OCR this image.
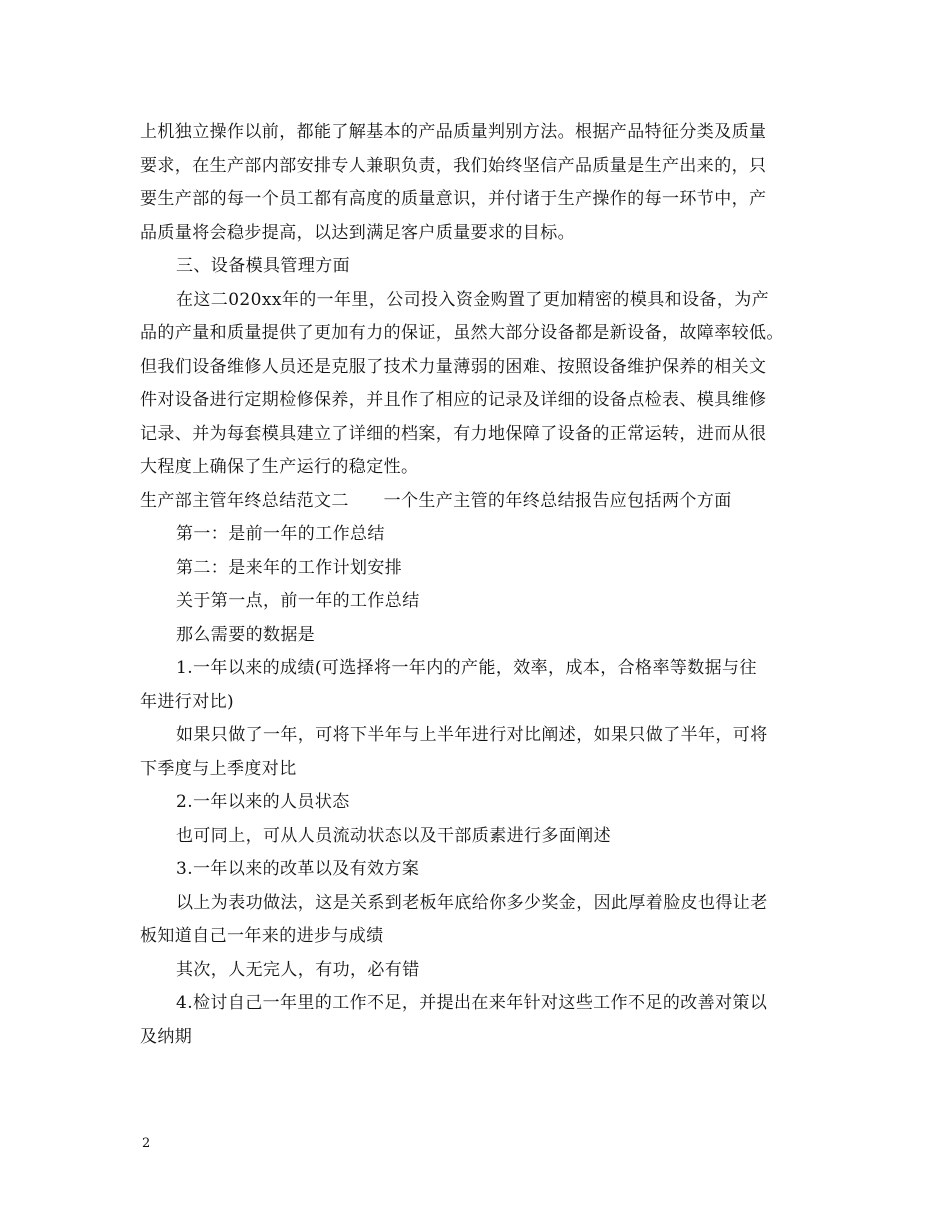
上机独立操作以前，都能了解基本的产品质量判别方法。根据产品特征分类及质量
要求，在生产部内部安排专人兼职负责，我们始终坚信产品质量是生产出来的，只
要生产部的每一个员工都有高度的质量意识，并付诸于生产操作的每一环节中，产
品质量将会稳步提高，以达到满足客户质量要求的目标。
三、设备模具管理方面
在这二020xx年的一年里，公司投入资金购置了更加精密的模具和设备，为产
品的产量和质量提供了更加有力的保证，虽然大部分设备都是新设备，故障率较低。
但我们设备维修人员还是克服了技术力量薄弱的困难、按照设备维护保养的相关文
件对设备进行定期检修保养，并且作了相应的记录及详细的设备点检表、模具维修
记录、并为每套模具建立了详细的档案，有力地保障了设备的正常运转，进而从很
大程度上确保了生产运行的稳定性。
生产部主管年终总结范文二　　一个生产主管的年终总结报告应包括两个方面
第一：是前一年的工作总结
第二：是来年的工作计划安排
关于第一点，前一年的工作总结
那么需要的数据是
1.一年以来的成绩(可选择将一年内的产能，效率，成本，合格率等数据与往
年进行对比)
如果只做了一年，可将下半年与上半年进行对比阐述，如果只做了半年，可将
下季度与上季度对比
2.一年以来的人员状态
也可同上，可从人员流动状态以及干部质素进行多面阐述
3.一年以来的改革以及有效方案
以上为表功做法，这是关系到老板年底给你多少奖金，因此厚着脸皮也得让老
板知道自己一年来的进步与成绩
其次，人无完人，有功，必有错
4.检讨自己一年里的工作不足，并提出在来年针对这些工作不足的改善对策以
及纳期
2
